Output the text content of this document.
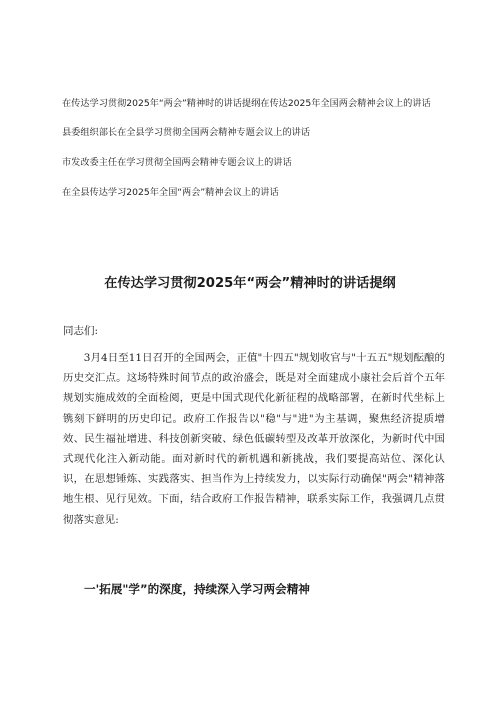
在传达学习贯彻2025年“两会”精神时的讲话提纲在传达2025年全国两会精神会议上的讲话

县委组织部长在全县学习贯彻全国两会精神专题会议上的讲话

市发改委主任在学习贯彻全国两会精神专题会议上的讲话

在全县传达学习2025年全国“两会”精神会议上的讲话

在传达学习贯彻2025年“两会”精神时的讲话提纲

同志们:

3月4日至11日召开的全国两会，正值"十四五"规划收官与"十五五"规划酝酿的历史交汇点。这场特殊时间节点的政治盛会，既是对全面建成小康社会后首个五年规划实施成效的全面检阅，更是中国式现代化新征程的战略部署，在新时代坐标上镌刻下鲜明的历史印记。政府工作报告以"稳"与"进"为主基调，聚焦经济提质增效、民生福祉增进、科技创新突破、绿色低碳转型及改革开放深化，为新时代中国式现代化注入新动能。面对新时代的新机遇和新挑战，我们要提高站位、深化认识，在思想锤炼、实践落实、担当作为上持续发力，以实际行动确保"两会"精神落地生根、见行见效。下面，结合政府工作报告精神，联系实际工作，我强调几点贯彻落实意见:

一'拓展"学”的深度，持续深入学习两会精神
